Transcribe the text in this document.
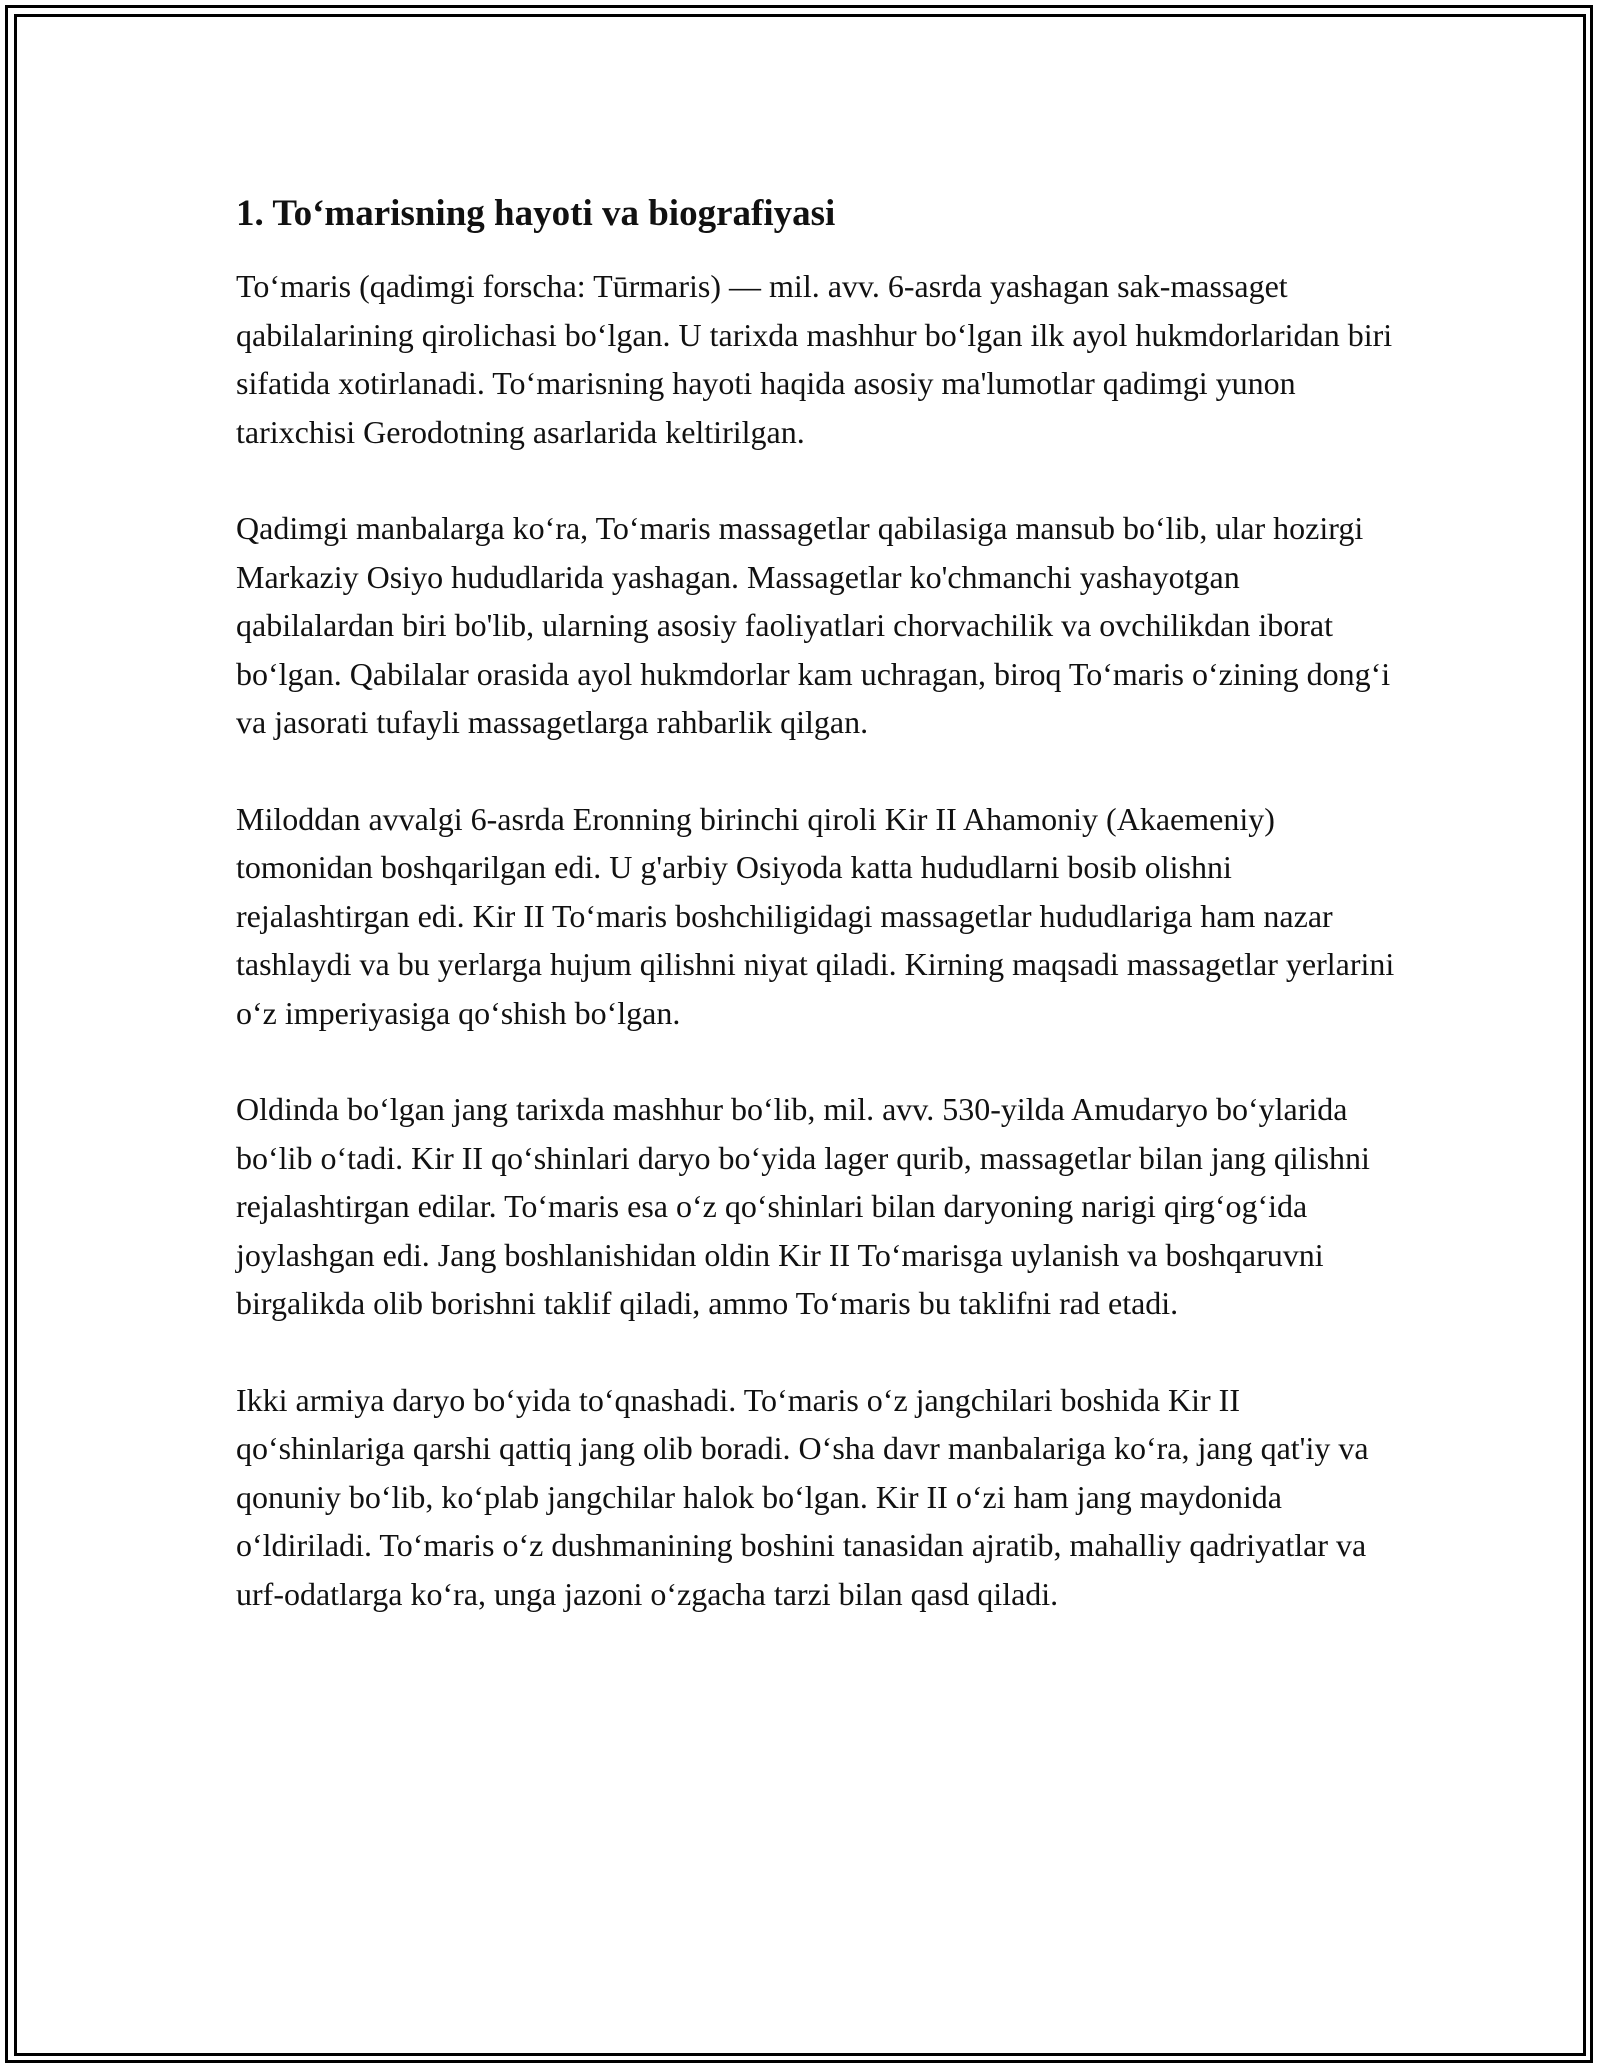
1. To‘marisning hayoti va biografiyasi

To‘maris (qadimgi forscha: Tūrmaris) — mil. avv. 6-asrda yashagan sak-massaget qabilalarining qirolichasi bo‘lgan. U tarixda mashhur bo‘lgan ilk ayol hukmdorlaridan biri sifatida xotirlanadi. To‘marisning hayoti haqida asosiy ma'lumotlar qadimgi yunon tarixchisi Gerodotning asarlarida keltirilgan.

Qadimgi manbalarga ko‘ra, To‘maris massagetlar qabilasiga mansub bo‘lib, ular hozirgi Markaziy Osiyo hududlarida yashagan. Massagetlar ko'chmanchi yashayotgan qabilalardan biri bo'lib, ularning asosiy faoliyatlari chorvachilik va ovchilikdan iborat bo‘lgan. Qabilalar orasida ayol hukmdorlar kam uchragan, biroq To‘maris o‘zining dong‘i va jasorati tufayli massagetlarga rahbarlik qilgan.

Miloddan avvalgi 6-asrda Eronning birinchi qiroli Kir II Ahamoniy (Akaemeniy) tomonidan boshqarilgan edi. U g'arbiy Osiyoda katta hududlarni bosib olishni rejalashtirgan edi. Kir II To‘maris boshchiligidagi massagetlar hududlariga ham nazar tashlaydi va bu yerlarga hujum qilishni niyat qiladi. Kirning maqsadi massagetlar yerlarini o‘z imperiyasiga qo‘shish bo‘lgan.

Oldinda bo‘lgan jang tarixda mashhur bo‘lib, mil. avv. 530-yilda Amudaryo bo‘ylarida bo‘lib o‘tadi. Kir II qo‘shinlari daryo bo‘yida lager qurib, massagetlar bilan jang qilishni rejalashtirgan edilar. To‘maris esa o‘z qo‘shinlari bilan daryoning narigi qirg‘og‘ida joylashgan edi. Jang boshlanishidan oldin Kir II To‘marisga uylanish va boshqaruvni birgalikda olib borishni taklif qiladi, ammo To‘maris bu taklifni rad etadi.

Ikki armiya daryo bo‘yida to‘qnashadi. To‘maris o‘z jangchilari boshida Kir II qo‘shinlariga qarshi qattiq jang olib boradi. O‘sha davr manbalariga ko‘ra, jang qat'iy va qonuniy bo‘lib, ko‘plab jangchilar halok bo‘lgan. Kir II o‘zi ham jang maydonida o‘ldiriladi. To‘maris o‘z dushmanining boshini tanasidan ajratib, mahalliy qadriyatlar va urf-odatlarga ko‘ra, unga jazoni o‘zgacha tarzi bilan qasd qiladi.
